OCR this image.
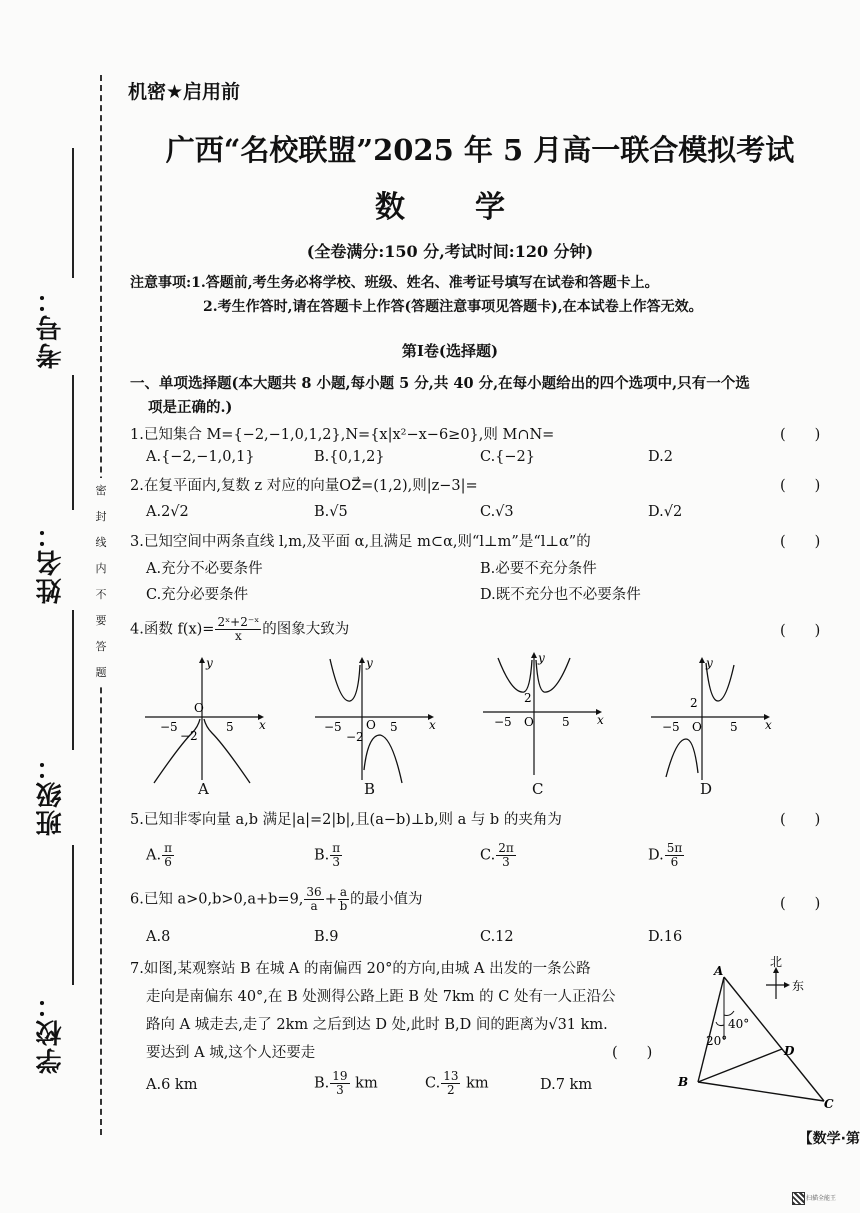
考号：
姓名：
班级：
学校：
密封线内不要答题
机密★启用前
广西“名校联盟”2025 年 5 月高一联合模拟考试
数　学
(全卷满分:150 分,考试时间:120 分钟)
注意事项:1.答题前,考生务必将学校、班级、姓名、准考证号填写在试卷和答题卡上。
2.考生作答时,请在答题卡上作答(答题注意事项见答题卡),在本试卷上作答无效。
第Ⅰ卷(选择题)
一、单项选择题(本大题共 8 小题,每小题 5 分,共 40 分,在每小题给出的四个选项中,只有一个选
项是正确的.)
1.已知集合 M={−2,−1,0,1,2},N={x|x²−x−6≥0},则 M∩N=	(　　)
A.{−2,−1,0,1}	B.{0,1,2}	C.{−2}	D.2
2.在复平面内,复数 z 对应的向量OZ⃗=(1,2),则|z−3|=	(　　)
A.2√2	B.√5	C.√3	D.√2
3.已知空间中两条直线 l,m,及平面 α,且满足 m⊂α,则“l⊥m”是“l⊥α”的	(　　)
A.充分不必要条件	B.必要不充分条件
C.充分必要条件	D.既不充分也不必要条件
4.函数 $f(x)= \frac{\text{2ˣ+2⁻ˣ}}{x}$ 的图象大致为	(　　)
y
x
O
−5	5
−2
A
y
x
O
−5	5
−2
B
y
x
O
−5	5
2
C
y
x
O
−5	5
2
D
5.已知非零向量 a,b 满足|a|=2|b|,且(a−b)⊥b,则 a 与 b 的夹角为	(　　)
A. $\frac{\pi}{6}$	B. $\frac{\pi}{3}$	C. $\frac{2\pi}{3}$	D. $\frac{5\pi}{6}$
6.已知 a>0,b>0,a+b=9, $\frac{36}{a} + \frac{a}{b}$ 的最小值为	(　　)
A.8	B.9	C.12	D.16
7.如图,某观察站 B 在城 A 的南偏西 20°的方向,由城 A 出发的一条公路
走向是南偏东 40°,在 B 处测得公路上距 B 处 7km 的 C 处有一人正沿公
路向 A 城走去,走了 2km 之后到达 D 处,此时 B,D 间的距离为√31 km.
要达到 A 城,这个人还要走	(　　)
A.6 km	B. $\frac{19}{3}$ km	C. $\frac{13}{2}$ km	D.7 km
A
B
C
D
40°
20°
北
东
【数学·第
扫描全能王
